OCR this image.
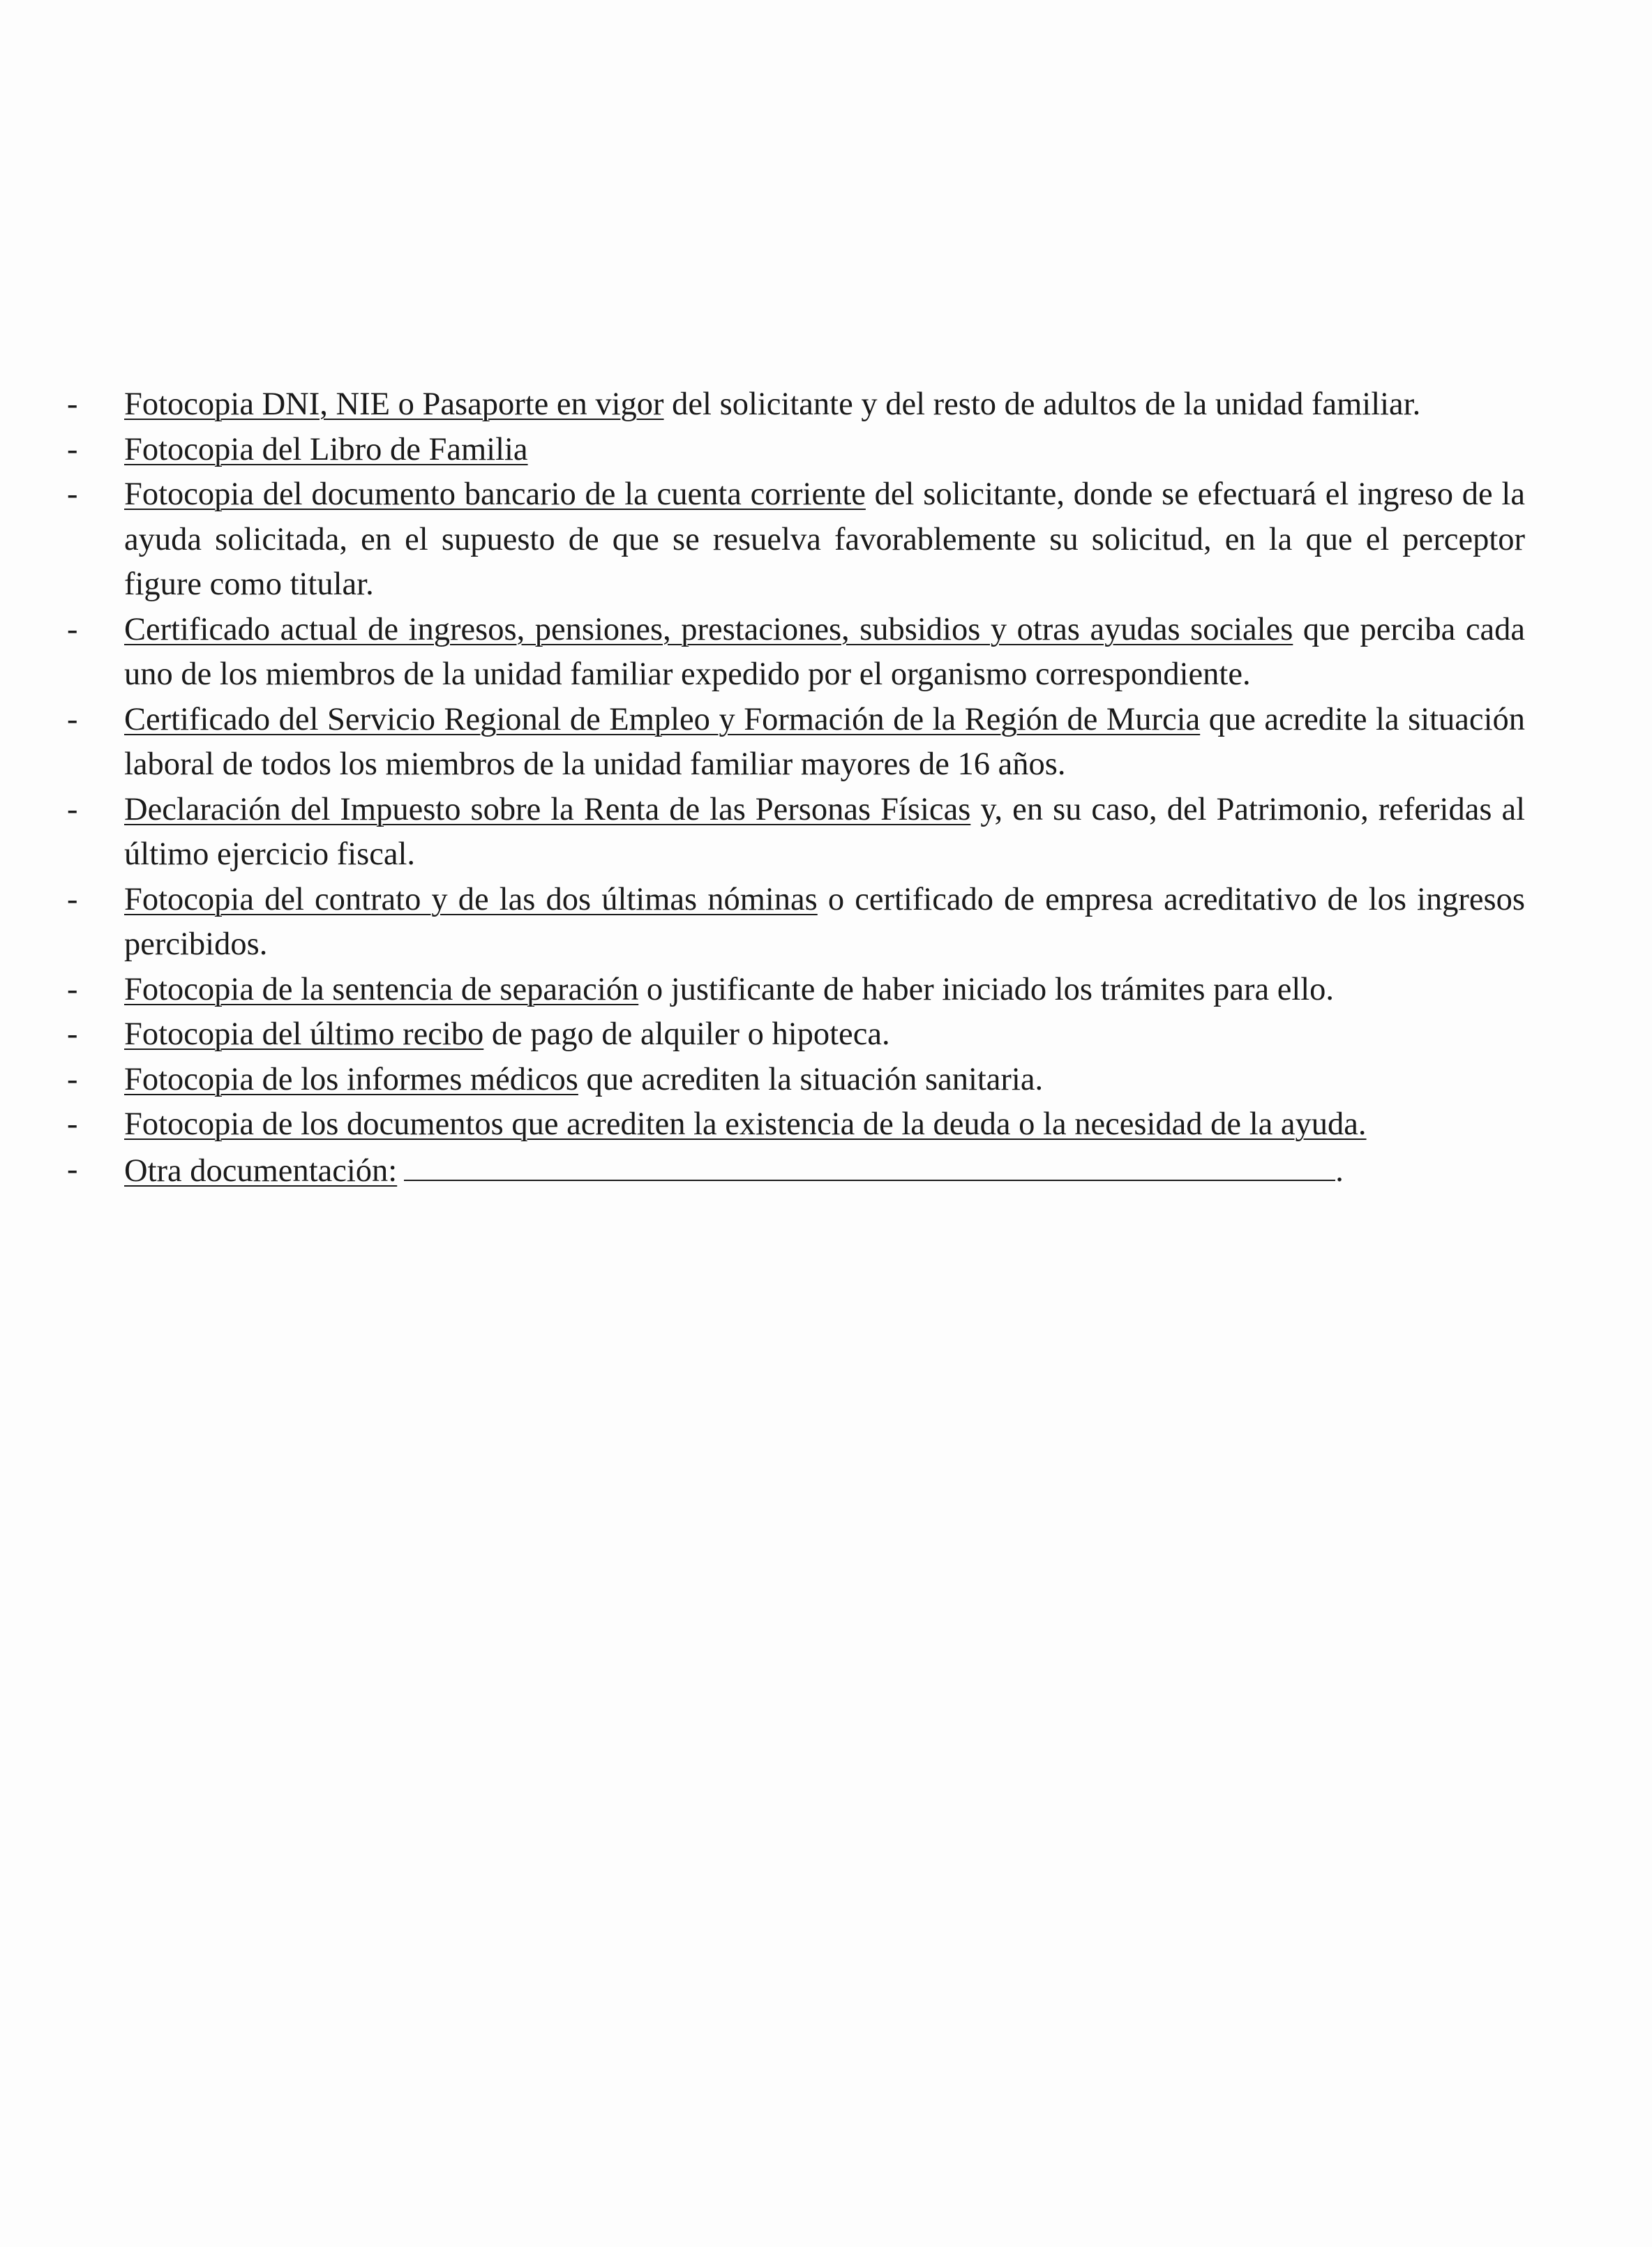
-	Fotocopia DNI, NIE o Pasaporte en vigor del solicitante y del resto de adultos de la unidad familiar.
-	Fotocopia del Libro de Familia
-	Fotocopia del documento bancario de la cuenta corriente del solicitante, donde se efectuará el ingreso de la ayuda solicitada, en el supuesto de que se resuelva favorablemente su solicitud, en la que el perceptor figure como titular.
-	Certificado actual de ingresos, pensiones, prestaciones, subsidios y otras ayudas sociales que perciba cada uno de los miembros de la unidad familiar expedido por el organismo correspondiente.
-	Certificado del Servicio Regional de Empleo y Formación de la Región de Murcia que acredite la situación laboral de todos los miembros de la unidad familiar mayores de 16 años.
-	Declaración del Impuesto sobre la Renta de las Personas Físicas y, en su caso, del Patrimonio, referidas al último ejercicio fiscal.
-	Fotocopia del contrato y de las dos últimas nóminas o certificado de empresa acreditativo de los ingresos percibidos.
-	Fotocopia de la sentencia de separación o justificante de haber iniciado los trámites para ello.
-	Fotocopia del último recibo de pago de alquiler o hipoteca.
-	Fotocopia de los informes médicos que acrediten la situación sanitaria.
-	Fotocopia de los documentos que acrediten la existencia de la deuda o la necesidad de la ayuda.
-	Otra documentación:	.
